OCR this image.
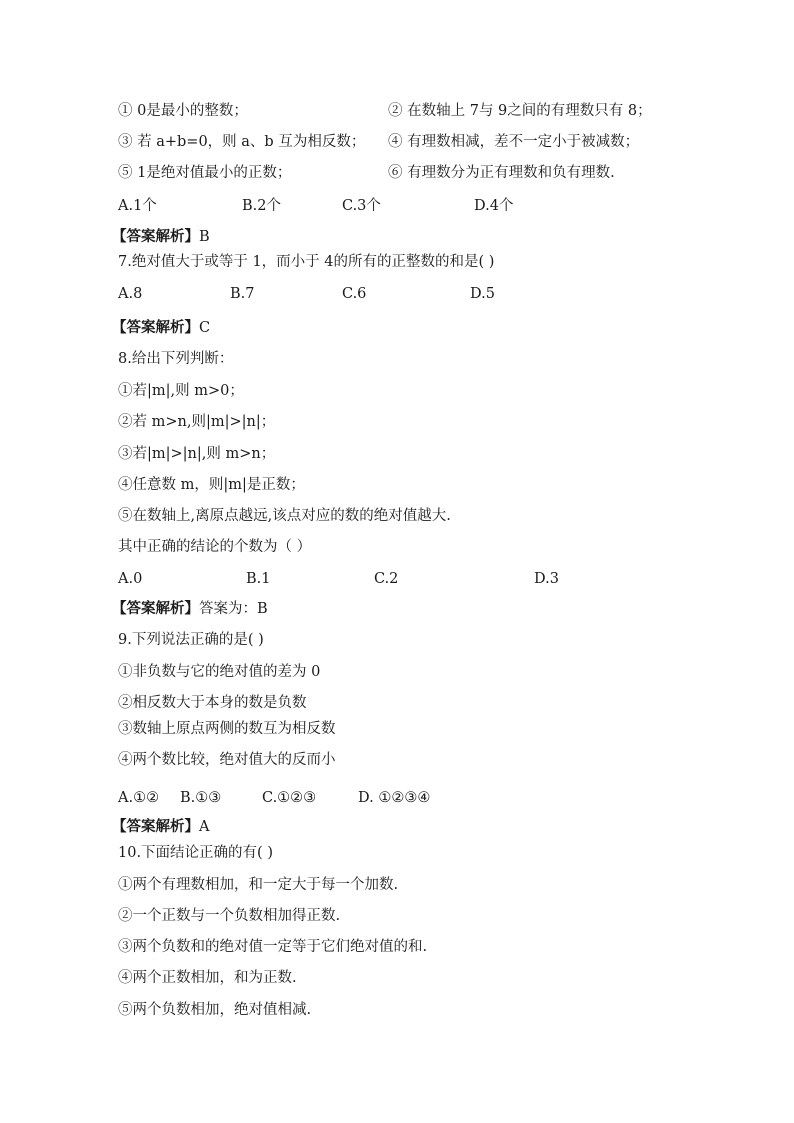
① 0是最小的整数；	② 在数轴上 7与 9之间的有理数只有 8；
③ 若 a+b=0，则 a、b 互为相反数； ④ 有理数相减，差不一定小于被减数；
⑤ 1是绝对值最小的正数；	⑥ 有理数分为正有理数和负有理数.
A.1个	B.2个	C.3个	D.4个
【答案解析】B
7.绝对值大于或等于 1，而小于 4的所有的正整数的和是( )
A.8	B.7	C.6	D.5
【答案解析】C
8.给出下列判断：
①若|m|,则 m>0；
②若 m>n,则|m|>|n|；
③若|m|>|n|,则 m>n；
④任意数 m，则|m|是正数；
⑤在数轴上,离原点越远,该点对应的数的绝对值越大.
其中正确的结论的个数为（ ）
A.0	B.1	C.2	D.3
【答案解析】答案为：B
9.下列说法正确的是( )
①非负数与它的绝对值的差为 0
②相反数大于本身的数是负数
③数轴上原点两侧的数互为相反数
④两个数比较，绝对值大的反而小
A.①② B.①③	C.①②③	D. ①②③④
【答案解析】A
10.下面结论正确的有( )
①两个有理数相加，和一定大于每一个加数.
②一个正数与一个负数相加得正数.
③两个负数和的绝对值一定等于它们绝对值的和.
④两个正数相加，和为正数.
⑤两个负数相加，绝对值相减.
